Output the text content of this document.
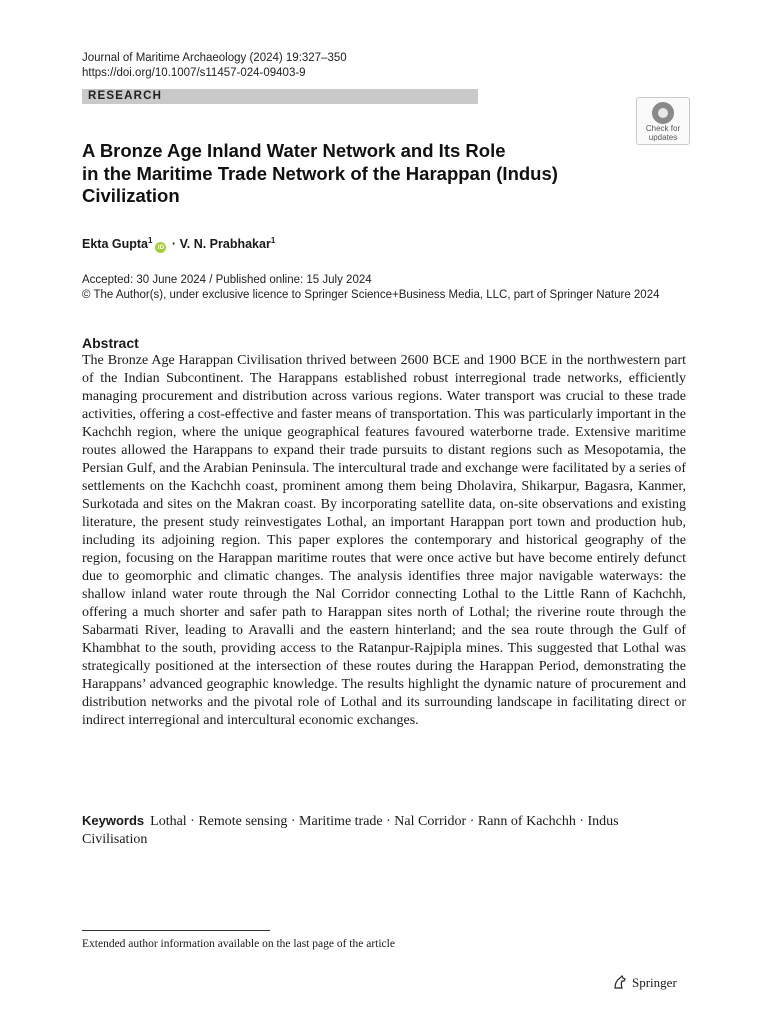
Journal of Maritime Archaeology (2024) 19:327–350
https://doi.org/10.1007/s11457-024-09403-9
RESEARCH
Check for
updates
A Bronze Age Inland Water Network and Its Role
in the Maritime Trade Network of the Harappan (Indus)
Civilization
Ekta Gupta$^1$iD · V. N. Prabhakar$^1$
Accepted: 30 June 2024 / Published online: 15 July 2024
© The Author(s), under exclusive licence to Springer Science+Business Media, LLC, part of Springer Nature 2024
Abstract

The Bronze Age Harappan Civilisation thrived between 2600 BCE and 1900 BCE in the northwestern part of the Indian Subcontinent. The Harappans established robust interregional trade networks, efficiently managing procurement and distribution across various regions. Water transport was crucial to these trade activities, offering a cost-effective and faster means of transportation. This was particularly important in the Kachchh region, where the unique geographical features favoured waterborne trade. Extensive maritime routes allowed the Harappans to expand their trade pursuits to distant regions such as Mesopotamia, the Persian Gulf, and the Arabian Peninsula. The intercultural trade and exchange were facilitated by a series of settlements on the Kachchh coast, prominent among them being Dholavira, Shikarpur, Bagasra, Kanmer, Surkotada and sites on the Makran coast. By incorporating satellite data, on-site observations and existing literature, the present study reinvestigates Lothal, an important Harappan port town and production hub, including its adjoining region. This paper explores the contemporary and historical geography of the region, focusing on the Harappan maritime routes that were once active but have become entirely defunct due to geomorphic and climatic changes. The analysis identifies three major navigable waterways: the shallow inland water route through the Nal Corridor connecting Lothal to the Little Rann of Kachchh, offering a much shorter and safer path to Harappan sites north of Lothal; the riverine route through the Sabarmati River, leading to Aravalli and the eastern hinterland; and the sea route through the Gulf of Khambhat to the south, providing access to the Ratanpur-Rajpipla mines. This suggested that Lothal was strategically positioned at the intersection of these routes during the Harappan Period, demonstrating the Harappans’ advanced geographic knowledge. The results highlight the dynamic nature of procurement and distribution networks and the pivotal role of Lothal and its surrounding landscape in facilitating direct or indirect interregional and intercultural economic exchanges.

Keywords Lothal · Remote sensing · Maritime trade · Nal Corridor · Rann of Kachchh · Indus Civilisation
Extended author information available on the last page of the article
Springer
